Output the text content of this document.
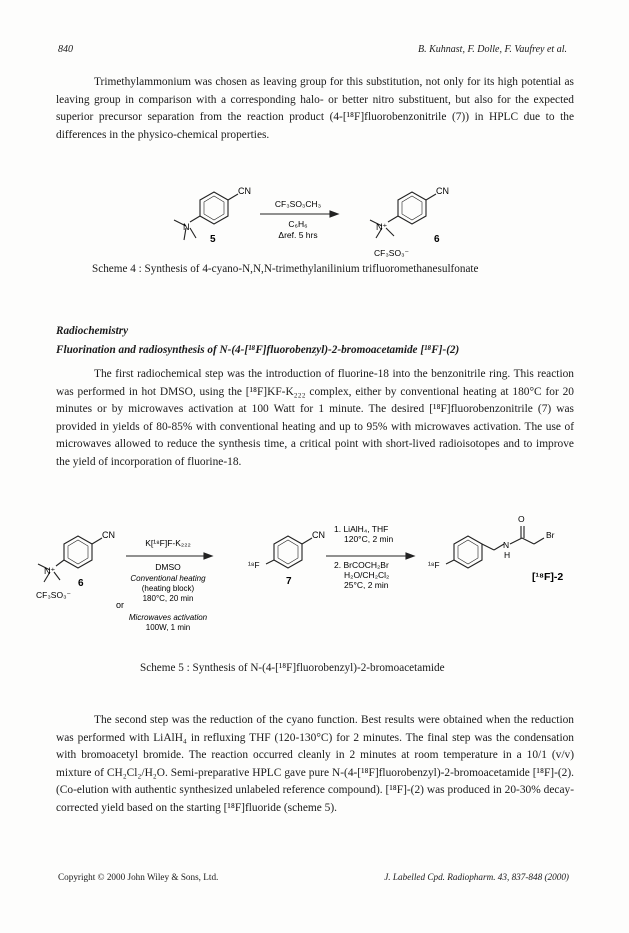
840	B. Kuhnast, F. Dolle, F. Vaufrey et al.

Trimethylammonium was chosen as leaving group for this substitution, not only for its high potential as leaving group in comparison with a corresponding halo- or better nitro substituent, but also for the expected superior precursor separation from the reaction product (4-[¹⁸F]fluorobenzonitrile (7)) in HPLC due to the differences in the physico-chemical properties.

CN
N
5
CF₃SO₃CH₃
C₆H₆
Δref. 5 hrs
CN
N⁺
CF₃SO₃⁻
6
Scheme 4 : Synthesis of 4-cyano-N,N,N-trimethylanilinium trifluoromethanesulfonate
Radiochemistry
Fluorination and radiosynthesis of N-(4-[¹⁸F]fluorobenzyl)-2-bromoacetamide [¹⁸F]-(2)

The first radiochemical step was the introduction of fluorine-18 into the benzonitrile ring. This reaction was performed in hot DMSO, using the [¹⁸F]KF-K₂₂₂ complex, either by conventional heating at 180°C for 20 minutes or by microwaves activation at 100 Watt for 1 minute. The desired [¹⁸F]fluorobenzonitrile (7) was provided in yields of 80-85% with conventional heating and up to 95% with microwaves activation. The use of microwaves allowed to reduce the synthesis time, a critical point with short-lived radioisotopes and to improve the yield of incorporation of fluorine-18.

CN
N⁺
CF₃SO₃⁻
6
K[¹⁸F]F-K₂₂₂
DMSO
Conventional heating
(heating block)
180°C, 20 min
or
Microwaves activation
100W, 1 min
¹⁸F
CN
7
1. LiAlH₄, THF
120°C, 2 min
2. BrCOCH₂Br
H₂O/CH₂Cl₂
25°C, 2 min
¹⁸F
O
Br
N
H
[¹⁸F]-2
Scheme 5 : Synthesis of N-(4-[¹⁸F]fluorobenzyl)-2-bromoacetamide

The second step was the reduction of the cyano function. Best results were obtained when the reduction was performed with LiAlH₄ in refluxing THF (120-130°C) for 2 minutes. The final step was the condensation with bromoacetyl bromide. The reaction occurred cleanly in 2 minutes at room temperature in a 10/1 (v/v) mixture of CH₂Cl₂/H₂O. Semi-preparative HPLC gave pure N-(4-[¹⁸F]fluorobenzyl)-2-bromoacetamide [¹⁸F]-(2). (Co-elution with authentic synthesized unlabeled reference compound). [¹⁸F]-(2) was produced in 20-30% decay-corrected yield based on the starting [¹⁸F]fluoride (scheme 5).

Copyright © 2000 John Wiley & Sons, Ltd.	J. Labelled Cpd. Radiopharm. 43, 837-848 (2000)
